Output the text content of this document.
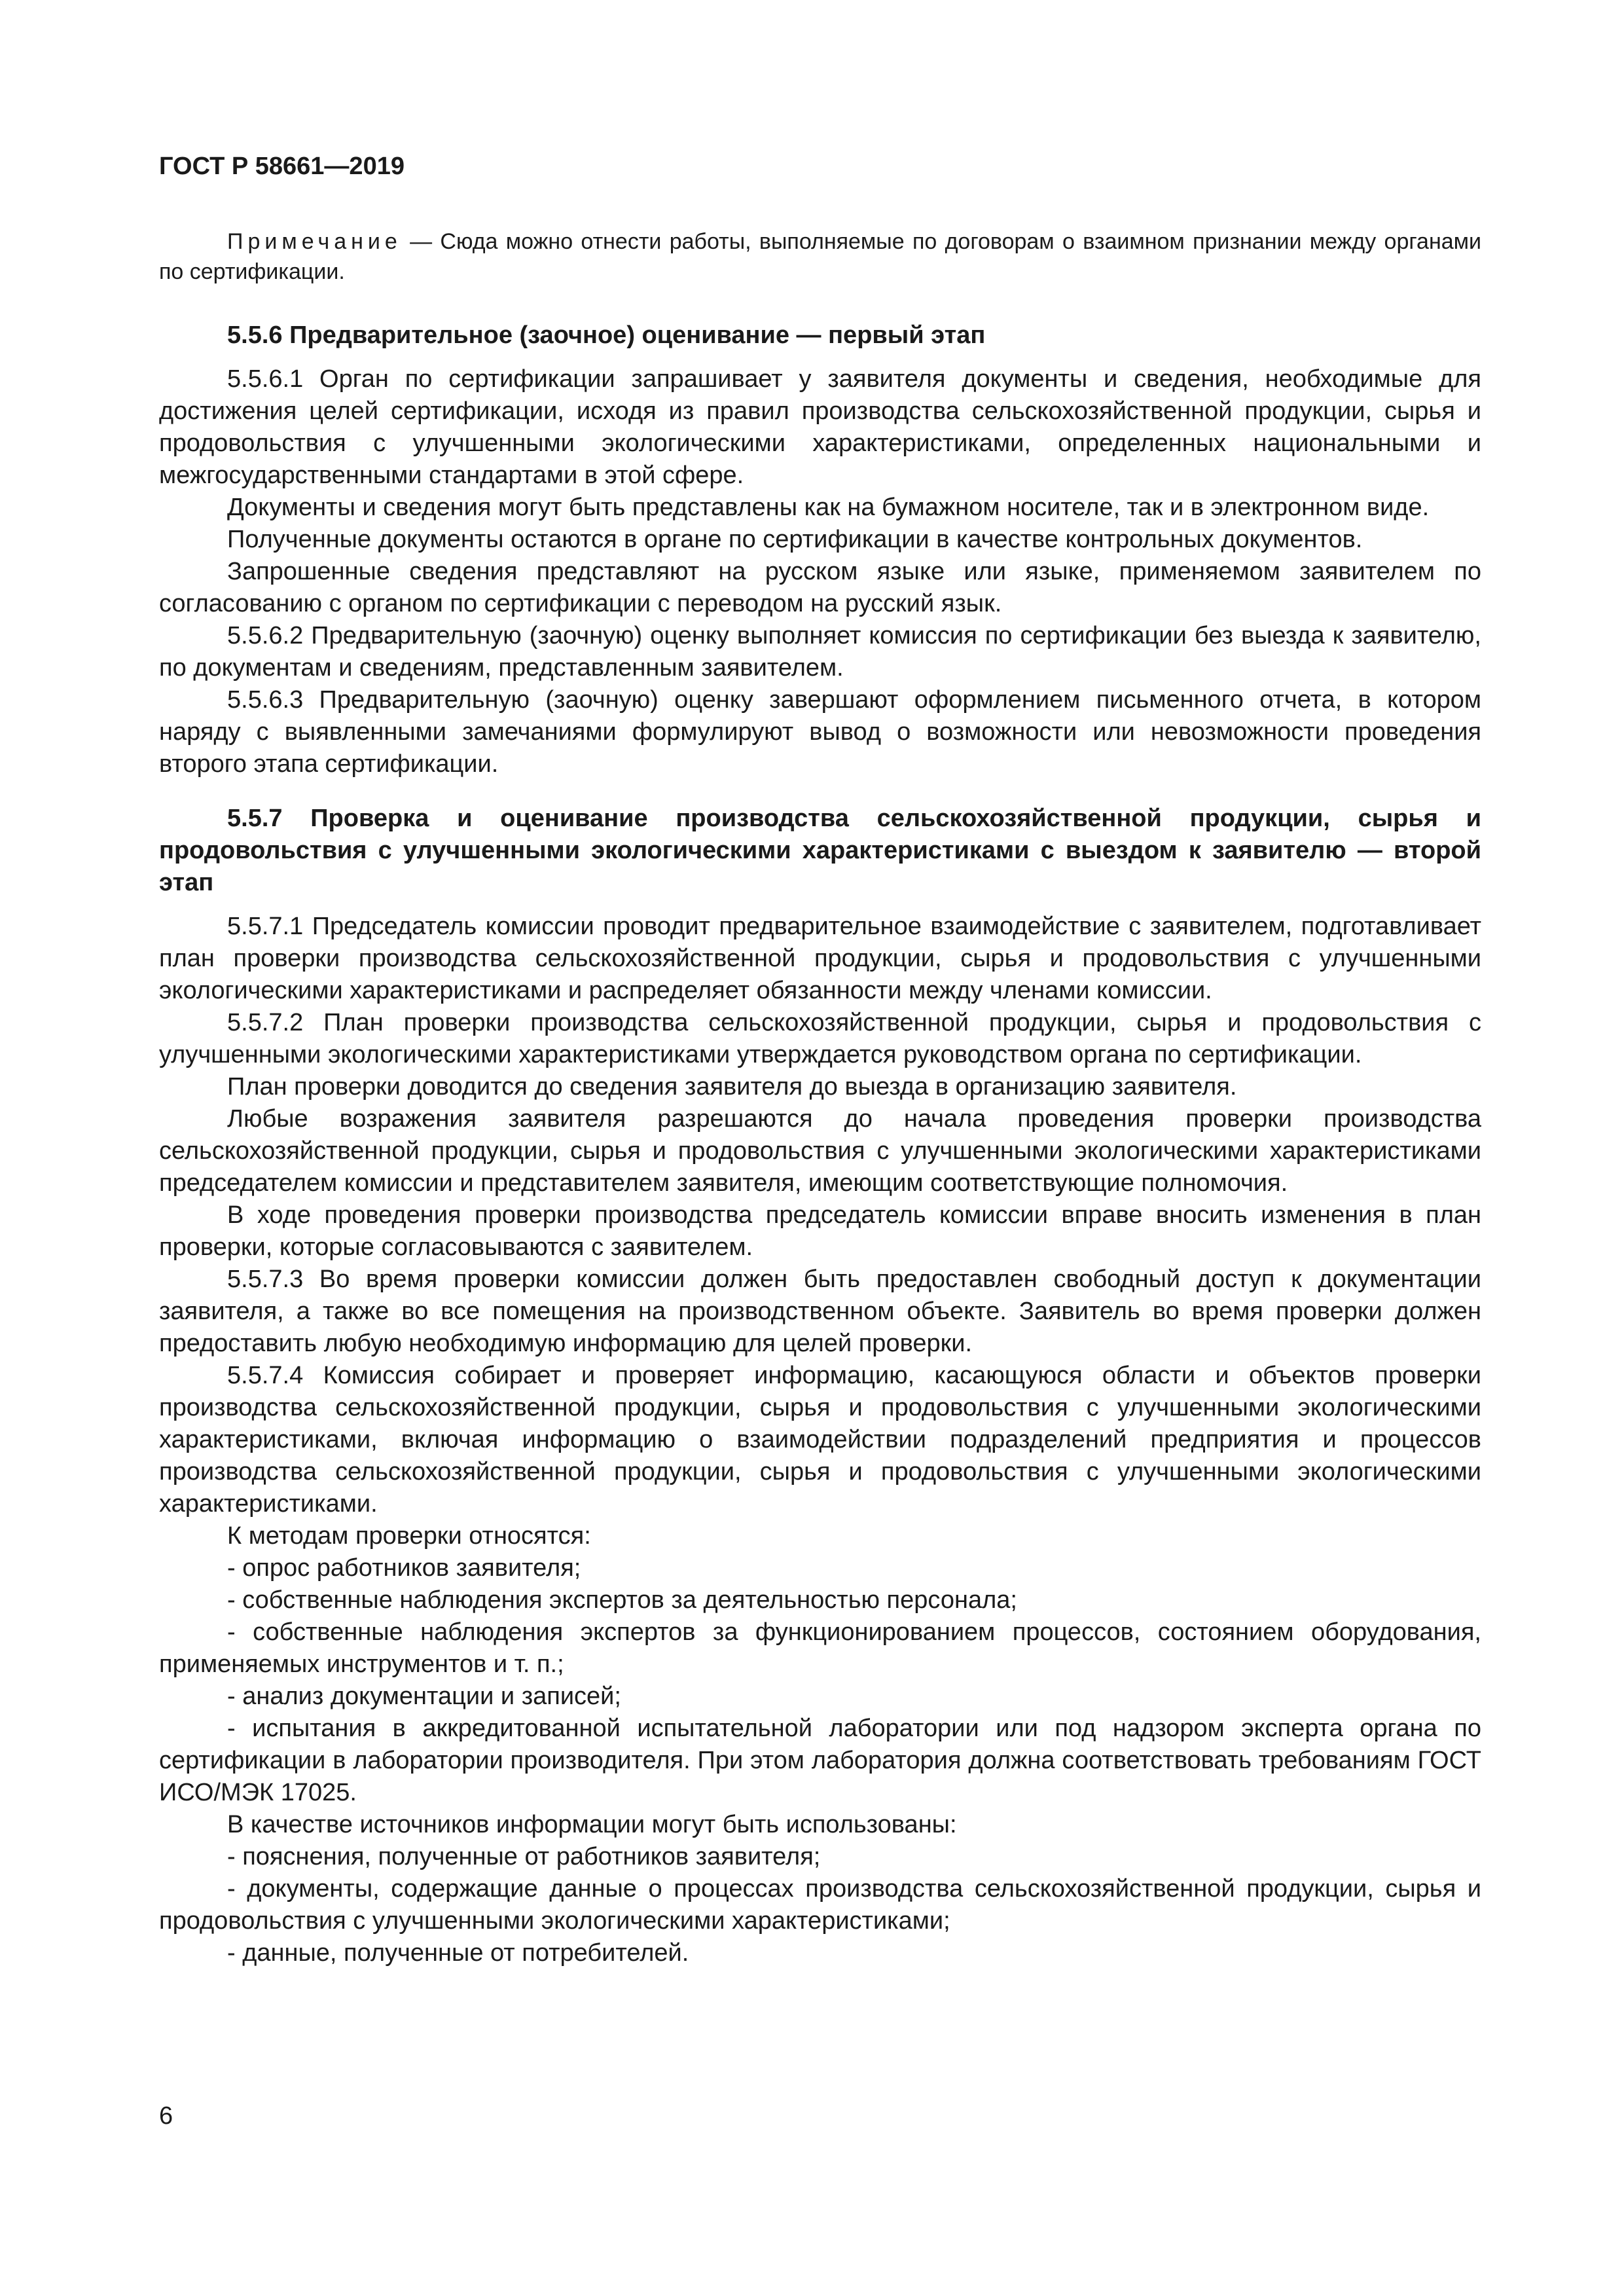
ГОСТ Р 58661—2019

Примечание — Сюда можно отнести работы, выполняемые по договорам о взаимном признании между органами по сертификации.

5.5.6 Предварительное (заочное) оценивание — первый этап

5.5.6.1 Орган по сертификации запрашивает у заявителя документы и сведения, необходимые для достижения целей сертификации, исходя из правил производства сельскохозяйственной продукции, сырья и продовольствия с улучшенными экологическими характеристиками, определенных национальными и межгосударственными стандартами в этой сфере.

Документы и сведения могут быть представлены как на бумажном носителе, так и в электронном виде.

Полученные документы остаются в органе по сертификации в качестве контрольных документов.

Запрошенные сведения представляют на русском языке или языке, применяемом заявителем по согласованию с органом по сертификации с переводом на русский язык.

5.5.6.2 Предварительную (заочную) оценку выполняет комиссия по сертификации без выезда к заявителю, по документам и сведениям, представленным заявителем.

5.5.6.3 Предварительную (заочную) оценку завершают оформлением письменного отчета, в котором наряду с выявленными замечаниями формулируют вывод о возможности или невозможности проведения второго этапа сертификации.

5.5.7 Проверка и оценивание производства сельскохозяйственной продукции, сырья и продовольствия с улучшенными экологическими характеристиками с выездом к заявителю — второй этап

5.5.7.1 Председатель комиссии проводит предварительное взаимодействие с заявителем, подготавливает план проверки производства сельскохозяйственной продукции, сырья и продовольствия с улучшенными экологическими характеристиками и распределяет обязанности между членами комиссии.

5.5.7.2 План проверки производства сельскохозяйственной продукции, сырья и продовольствия с улучшенными экологическими характеристиками утверждается руководством органа по сертификации.

План проверки доводится до сведения заявителя до выезда в организацию заявителя.

Любые возражения заявителя разрешаются до начала проведения проверки производства сельскохозяйственной продукции, сырья и продовольствия с улучшенными экологическими характеристиками председателем комиссии и представителем заявителя, имеющим соответствующие полномочия.

В ходе проведения проверки производства председатель комиссии вправе вносить изменения в план проверки, которые согласовываются с заявителем.

5.5.7.3 Во время проверки комиссии должен быть предоставлен свободный доступ к документации заявителя, а также во все помещения на производственном объекте. Заявитель во время проверки должен предоставить любую необходимую информацию для целей проверки.

5.5.7.4 Комиссия собирает и проверяет информацию, касающуюся области и объектов проверки производства сельскохозяйственной продукции, сырья и продовольствия с улучшенными экологическими характеристиками, включая информацию о взаимодействии подразделений предприятия и процессов производства сельскохозяйственной продукции, сырья и продовольствия с улучшенными экологическими характеристиками.

К методам проверки относятся:

- опрос работников заявителя;

- собственные наблюдения экспертов за деятельностью персонала;

- собственные наблюдения экспертов за функционированием процессов, состоянием оборудования, применяемых инструментов и т. п.;

- анализ документации и записей;

- испытания в аккредитованной испытательной лаборатории или под надзором эксперта органа по сертификации в лаборатории производителя. При этом лаборатория должна соответствовать требованиям ГОСТ ИСО/МЭК 17025.

В качестве источников информации могут быть использованы:

- пояснения, полученные от работников заявителя;

- документы, содержащие данные о процессах производства сельскохозяйственной продукции, сырья и продовольствия с улучшенными экологическими характеристиками;

- данные, полученные от потребителей.

6
